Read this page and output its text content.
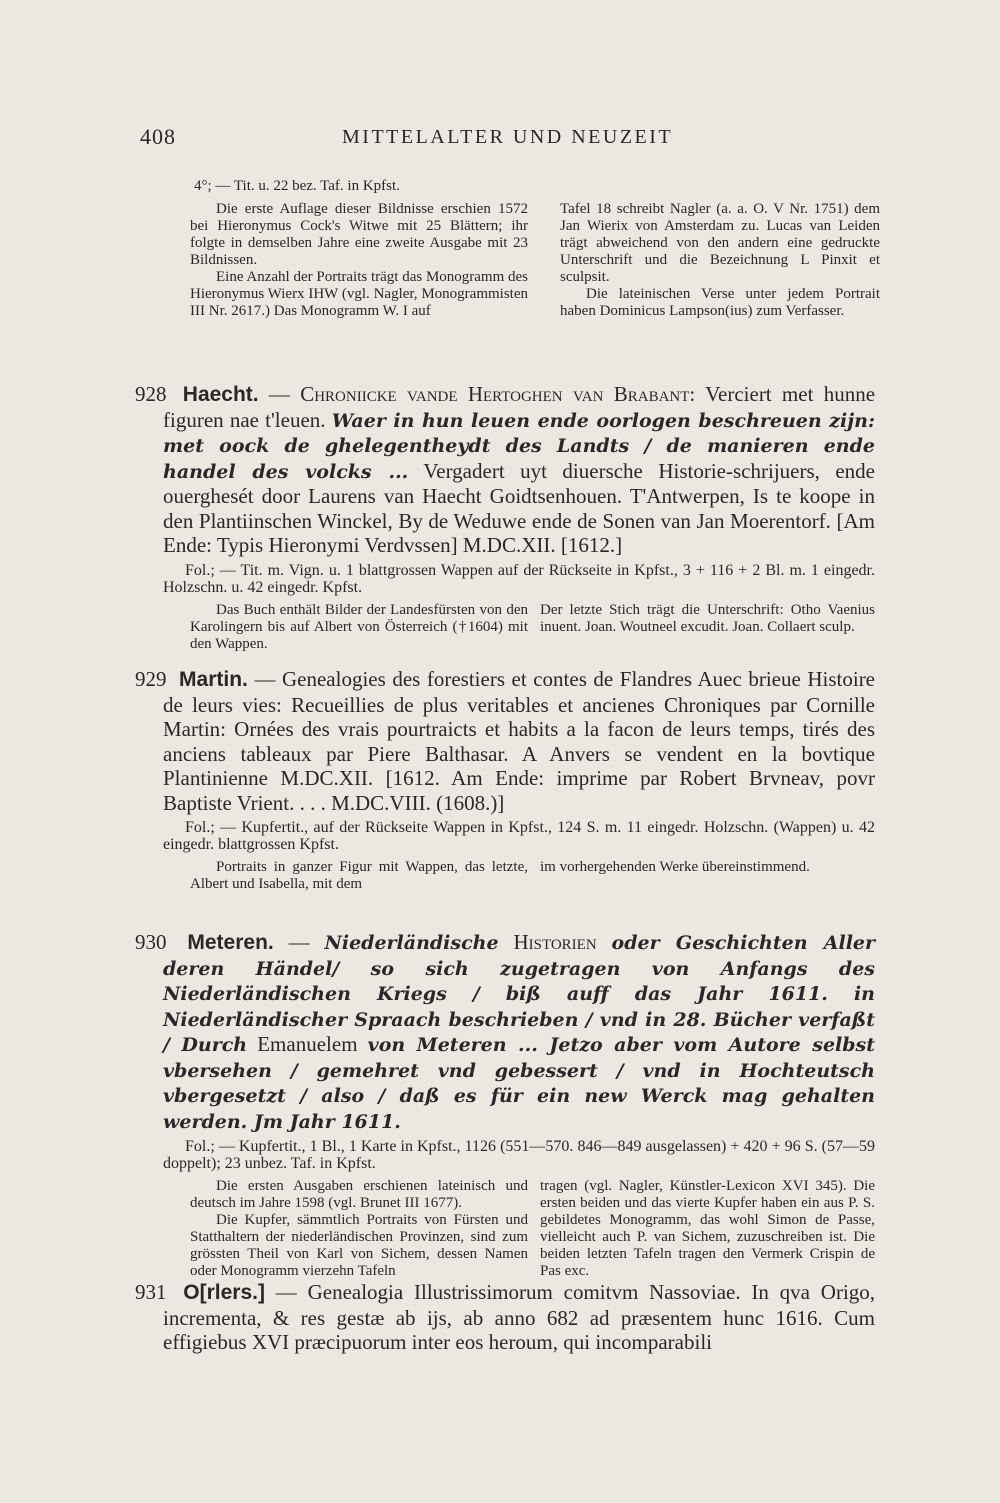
408	MITTELALTER UND NEUZEIT
4°; — Tit. u. 22 bez. Taf. in Kpfst.

Die erste Auflage dieser Bildnisse erschien 1572 bei Hieronymus Cock's Witwe mit 25 Blättern; ihr folgte in demselben Jahre eine zweite Ausgabe mit 23 Bildnissen.

Eine Anzahl der Portraits trägt das Monogramm des Hieronymus Wierx IHW (vgl. Nagler, Monogrammisten III Nr. 2617.) Das Monogramm W. I auf

Tafel 18 schreibt Nagler (a. a. O. V Nr. 1751) dem Jan Wierix von Amsterdam zu. Lucas van Leiden trägt abweichend von den andern eine gedruckte Unterschrift und die Bezeichnung L Pinxit et sculpsit.

Die lateinischen Verse unter jedem Portrait haben Dominicus Lampson(ius) zum Verfasser.

928 Haecht. — Chroniicke vande Hertoghen van Brabant: Verciert met hunne figuren nae t'leuen. Waer in hun leuen ende oorlogen beschreuen zijn: met oock de ghelegentheydt des Landts / de manieren ende handel des volcks ... Vergadert uyt diuersche Historie-schrijuers, ende ouerghesét door Laurens van Haecht Goidtsenhouen. T'Antwerpen, Is te koope in den Plantiinschen Winckel, By de Weduwe ende de Sonen van Jan Moerentorf. [Am Ende: Typis Hieronymi Verdvssen] M.DC.XII. [1612.]

Fol.; — Tit. m. Vign. u. 1 blattgrossen Wappen auf der Rückseite in Kpfst., 3 + 116 + 2 Bl. m. 1 eingedr. Holzschn. u. 42 eingedr. Kpfst.

Das Buch enthält Bilder der Landesfürsten von den Karolingern bis auf Albert von Österreich (†1604) mit den Wappen.

Der letzte Stich trägt die Unterschrift: Otho Vaenius inuent. Joan. Woutneel excudit. Joan. Collaert sculp.

929 Martin. — Genealogies des forestiers et contes de Flandres Auec brieue Histoire de leurs vies: Recueillies de plus veritables et ancienes Chroniques par Cornille Martin: Ornées des vrais pourtraicts et habits a la facon de leurs temps, tirés des anciens tableaux par Piere Balthasar. A Anvers se vendent en la bovtique Plantinienne M.DC.XII. [1612. Am Ende: imprime par Robert Brvneav, povr Baptiste Vrient. . . . M.DC.VIII. (1608.)]

Fol.; — Kupfertit., auf der Rückseite Wappen in Kpfst., 124 S. m. 11 eingedr. Holzschn. (Wappen) u. 42 eingedr. blattgrossen Kpfst.

Portraits in ganzer Figur mit Wappen, das letzte, Albert und Isabella, mit dem

im vorhergehenden Werke übereinstimmend.

930 Meteren. — Niederländische Historien oder Geschichten Aller deren Händel/ so sich zugetragen von Anfangs des Niederländischen Kriegs / biß auff das Jahr 1611. in Niederländischer Spraach beschrieben / vnd in 28. Bücher verfaßt / Durch Emanuelem von Meteren ... Jetzo aber vom Autore selbst vbersehen / gemehret vnd gebessert / vnd in Hochteutsch vbergesetzt / also / daß es für ein new Werck mag gehalten werden. Jm Jahr 1611.

Fol.; — Kupfertit., 1 Bl., 1 Karte in Kpfst., 1126 (551—570. 846—849 ausgelassen) + 420 + 96 S. (57—59 doppelt); 23 unbez. Taf. in Kpfst.

Die ersten Ausgaben erschienen lateinisch und deutsch im Jahre 1598 (vgl. Brunet III 1677).

Die Kupfer, sämmtlich Portraits von Fürsten und Statthaltern der niederländischen Provinzen, sind zum grössten Theil von Karl von Sichem, dessen Namen oder Monogramm vierzehn Tafeln

tragen (vgl. Nagler, Künstler-Lexicon XVI 345). Die ersten beiden und das vierte Kupfer haben ein aus P. S. gebildetes Monogramm, das wohl Simon de Passe, vielleicht auch P. van Sichem, zuzuschreiben ist. Die beiden letzten Tafeln tragen den Vermerk Crispin de Pas exc.

931 O[rlers.] — Genealogia Illustrissimorum comitvm Nassoviae. In qva Origo, incrementa, & res gestæ ab ijs, ab anno 682 ad præsentem hunc 1616. Cum effigiebus XVI præcipuorum inter eos heroum, qui incomparabili
